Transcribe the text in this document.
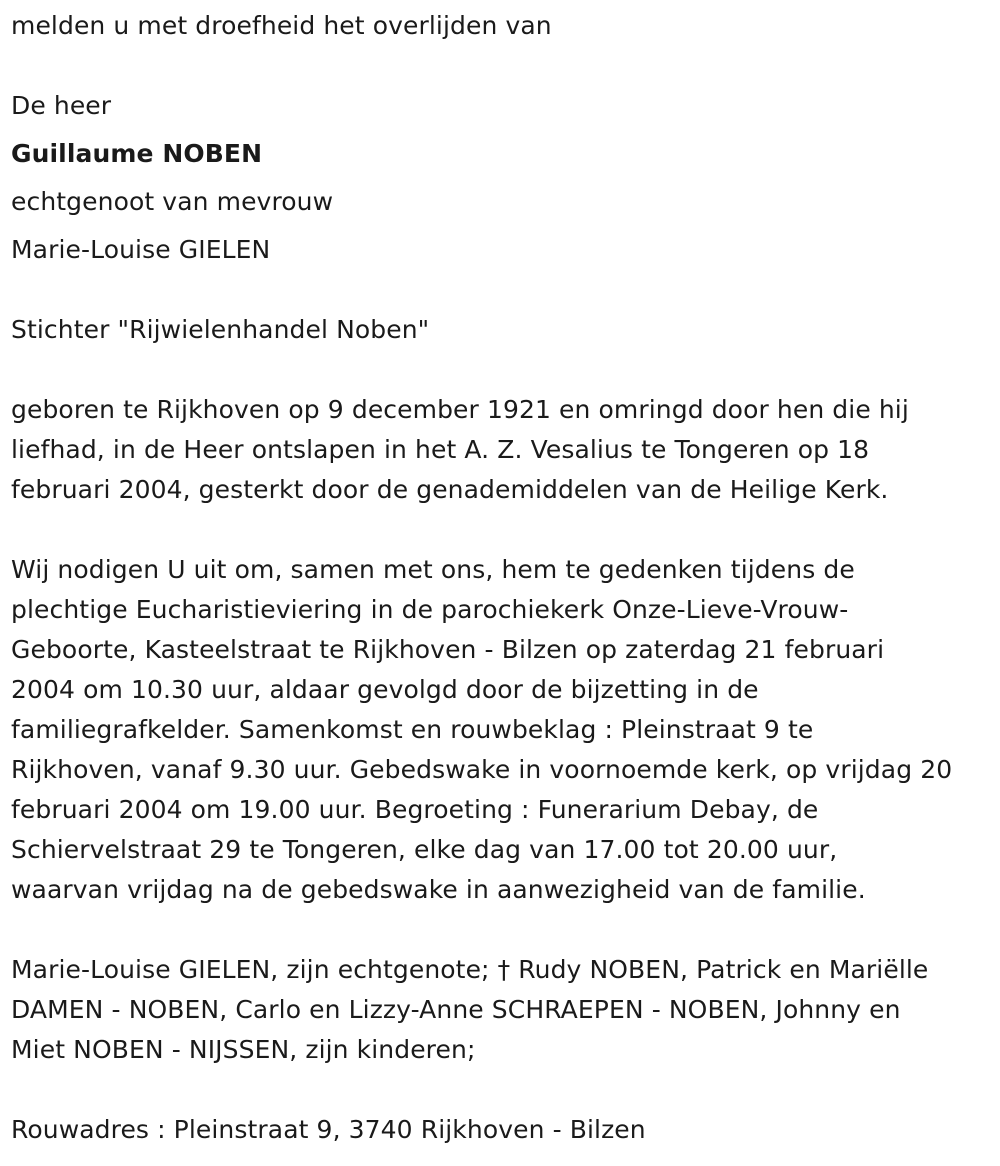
melden u met droefheid het overlijden van

De heer

Guillaume NOBEN

echtgenoot van mevrouw

Marie-Louise GIELEN

Stichter "Rijwielenhandel Noben"

geboren te Rijkhoven op 9 december 1921 en omringd door hen die hij
liefhad, in de Heer ontslapen in het A. Z. Vesalius te Tongeren op 18
februari 2004, gesterkt door de genademiddelen van de Heilige Kerk.
Wij nodigen U uit om, samen met ons, hem te gedenken tijdens de
plechtige Eucharistieviering in de parochiekerk Onze-Lieve-Vrouw-
Geboorte, Kasteelstraat te Rijkhoven - Bilzen op zaterdag 21 februari
2004 om 10.30 uur, aldaar gevolgd door de bijzetting in de
familiegrafkelder. Samenkomst en rouwbeklag : Pleinstraat 9 te
Rijkhoven, vanaf 9.30 uur. Gebedswake in voornoemde kerk, op vrijdag 20
februari 2004 om 19.00 uur. Begroeting : Funerarium Debay, de
Schiervelstraat 29 te Tongeren, elke dag van 17.00 tot 20.00 uur,
waarvan vrijdag na de gebedswake in aanwezigheid van de familie.
Marie-Louise GIELEN, zijn echtgenote; † Rudy NOBEN, Patrick en Mariëlle
DAMEN - NOBEN, Carlo en Lizzy-Anne SCHRAEPEN - NOBEN, Johnny en
Miet NOBEN - NIJSSEN, zijn kinderen;

Rouwadres : Pleinstraat 9, 3740 Rijkhoven - Bilzen
